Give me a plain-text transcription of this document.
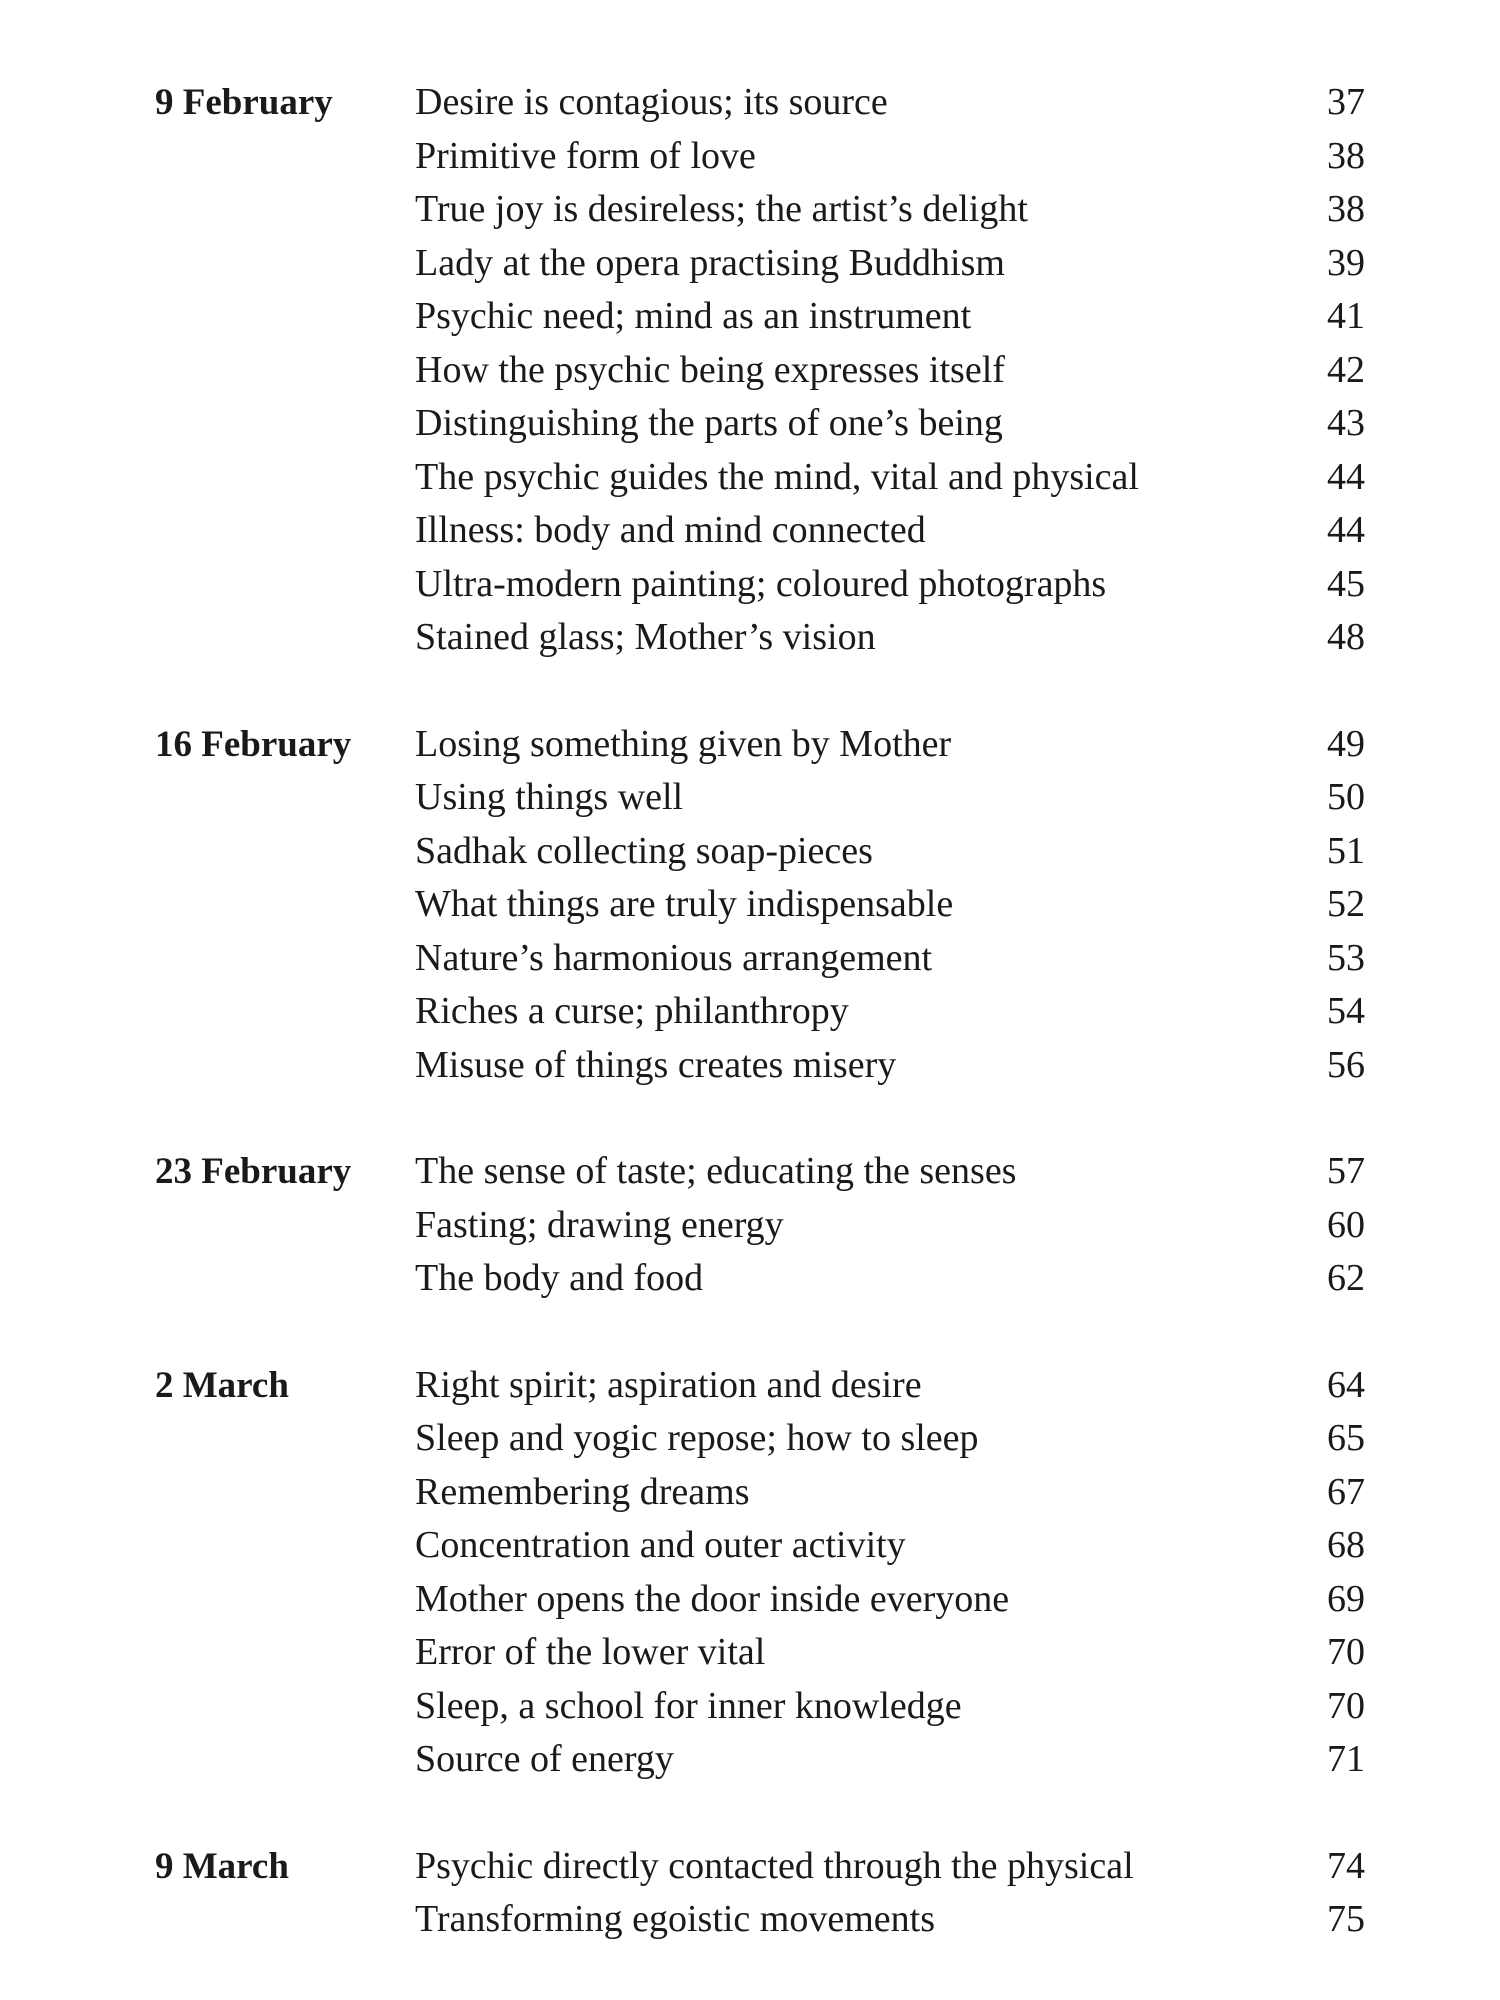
9 February	Desire is contagious; its source	37
Primitive form of love	38
True joy is desireless; the artist’s delight	38
Lady at the opera practising Buddhism	39
Psychic need; mind as an instrument	41
How the psychic being expresses itself	42
Distinguishing the parts of one’s being	43
The psychic guides the mind, vital and physical	44
Illness: body and mind connected	44
Ultra-modern painting; coloured photographs	45
Stained glass; Mother’s vision	48
16 February	Losing something given by Mother	49
Using things well	50
Sadhak collecting soap-pieces	51
What things are truly indispensable	52
Nature’s harmonious arrangement	53
Riches a curse; philanthropy	54
Misuse of things creates misery	56
23 February	The sense of taste; educating the senses	57
Fasting; drawing energy	60
The body and food	62
2 March	Right spirit; aspiration and desire	64
Sleep and yogic repose; how to sleep	65
Remembering dreams	67
Concentration and outer activity	68
Mother opens the door inside everyone	69
Error of the lower vital	70
Sleep, a school for inner knowledge	70
Source of energy	71
9 March	Psychic directly contacted through the physical	74
Transforming egoistic movements	75
